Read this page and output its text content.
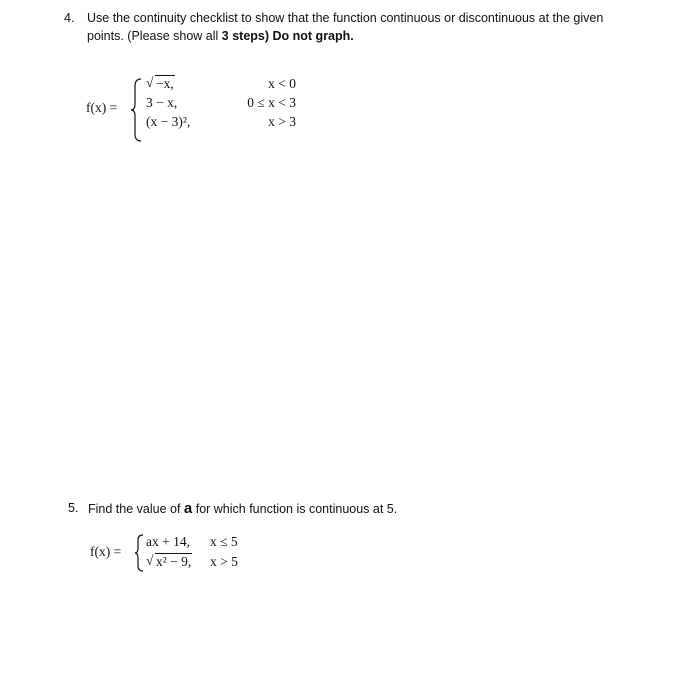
4. Use the continuity checklist to show that the function continuous or discontinuous at the given
points. (Please show all 3 steps) Do not graph.
f(x) =
√ −x,
3 − x,
(x − 3)²,
x < 0
0 ≤ x < 3
x > 3
5. Find the value of a for which function is continuous at 5.
f(x) =
ax + 14,
√ x² − 9,
x ≤ 5
x > 5
